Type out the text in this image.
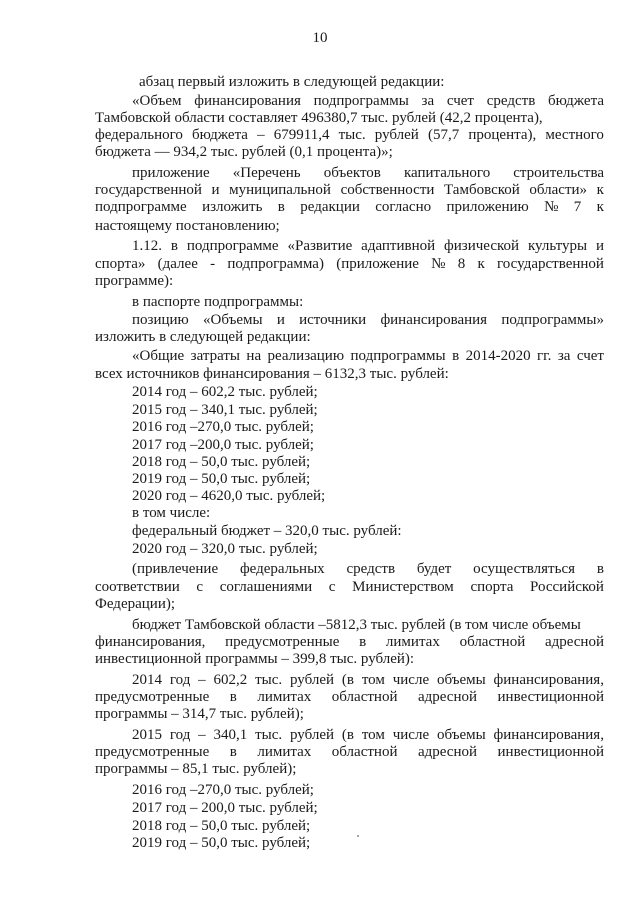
10
абзац первый изложить в следующей редакции:
«Объем финансирования подпрограммы за счет средств бюджета
Тамбовской области составляет 496380,7 тыс. рублей (42,2 процента),
федерального бюджета – 679911,4 тыс. рублей (57,7 процента), местного
бюджета — 934,2 тыс. рублей (0,1 процента)»;
приложение «Перечень объектов капитального строительства
государственной и муниципальной собственности Тамбовской области» к
подпрограмме изложить в редакции согласно приложению № 7 к
настоящему постановлению;
1.12. в подпрограмме «Развитие адаптивной физической культуры и
спорта» (далее - подпрограмма) (приложение № 8 к государственной
программе):
в паспорте подпрограммы:
позицию «Объемы и источники финансирования подпрограммы»
изложить в следующей редакции:
«Общие затраты на реализацию подпрограммы в 2014-2020 гг. за счет
всех источников финансирования – 6132,3 тыс. рублей:
2014 год – 602,2 тыс. рублей;
2015 год – 340,1 тыс. рублей;
2016 год –270,0 тыс. рублей;
2017 год –200,0 тыс. рублей;
2018 год – 50,0 тыс. рублей;
2019 год – 50,0 тыс. рублей;
2020 год – 4620,0 тыс. рублей;
в том числе:
федеральный бюджет – 320,0 тыс. рублей:
2020 год – 320,0 тыс. рублей;
(привлечение федеральных средств будет осуществляться в
соответствии с соглашениями с Министерством спорта Российской
Федерации);
бюджет Тамбовской области –5812,3 тыс. рублей (в том числе объемы
финансирования, предусмотренные в лимитах областной адресной
инвестиционной программы – 399,8 тыс. рублей):
2014 год – 602,2 тыс. рублей (в том числе объемы финансирования,
предусмотренные в лимитах областной адресной инвестиционной
программы – 314,7 тыс. рублей);
2015 год – 340,1 тыс. рублей (в том числе объемы финансирования,
предусмотренные в лимитах областной адресной инвестиционной
программы – 85,1 тыс. рублей);
2016 год –270,0 тыс. рублей;
2017 год – 200,0 тыс. рублей;
2018 год – 50,0 тыс. рублей;
2019 год – 50,0 тыс. рублей;
